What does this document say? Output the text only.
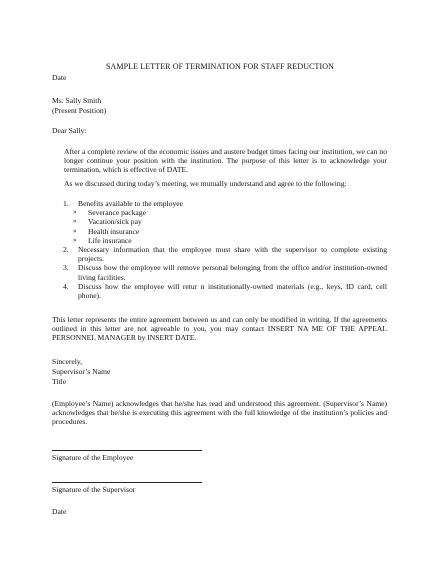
SAMPLE LETTER OF TERMINATION FOR STAFF REDUCTION
Date
Ms. Sally Smith
(Present Position)
Dear Sally:
After a complete review of the economic issues and austere budget times facing our institution, we can no longer continue your position with the institution. The purpose of this letter is to acknowledge your termination, which is effective of DATE.
As we discussed during today’s meeting, we mutually understand and agree to the following:
1. Benefits available to the employee
» Severance package
» Vacation/sick pay
» Health insurance
» Life insurance
2. Necessary information that the employee must share with the supervisor to complete existing projects.
3. Discuss how the employee will remove personal belonging from the office and/or institution-owned living facilities.
4. Discuss how the employee will retur n institutionally-owned materials (e.g., keys, ID card, cell phone).
This letter represents the entire agreement between us and can only be modified in writing. If the agreements outlined in this letter are not agreeable to you, you may contact INSERT NA ME OF THE APPEAL PERSONNEL MANAGER by INSERT DATE.
Sincerely,
Supervisor’s Name
Title
(Employee’s Name) acknowledges that he/she has read and understood this agreement. (Supervisor’s Name) acknowledges that he/she is executing this agreement with the full knowledge of the institution’s policies and procedures.
Signature of the Employee
Signature of the Supervisor
Date
